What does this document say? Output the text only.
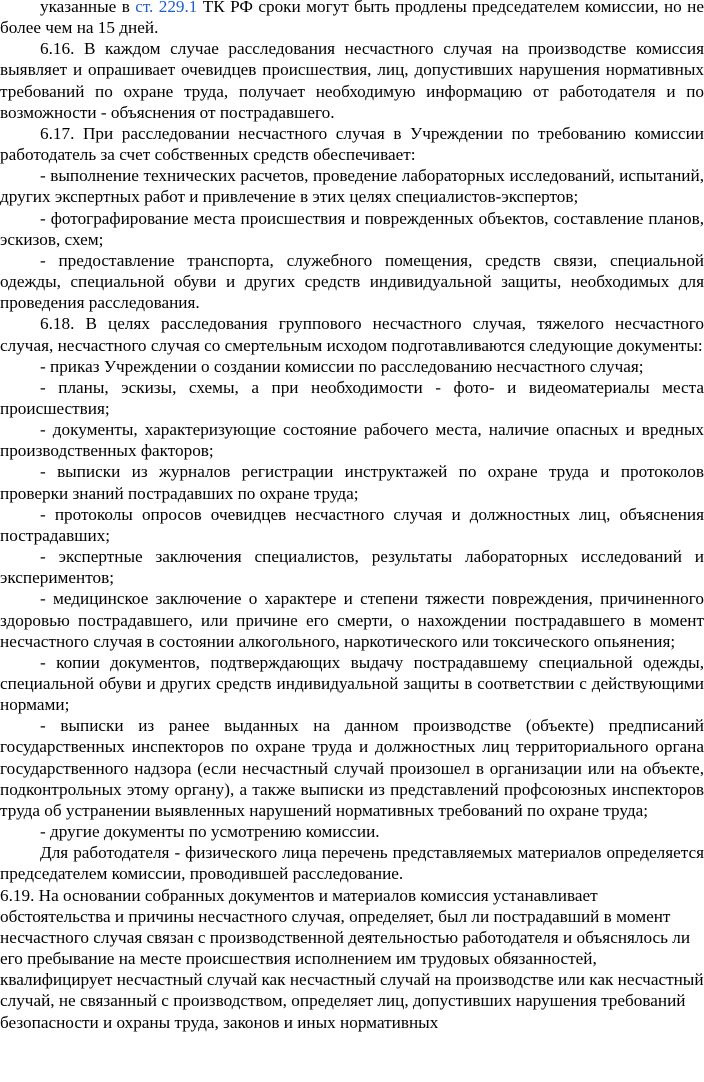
указанные в ст. 229.1 ТК РФ сроки могут быть продлены председателем комиссии, но не более чем на 15 дней.

6.16. В каждом случае расследования несчастного случая на производстве комиссия выявляет и опрашивает очевидцев происшествия, лиц, допустивших нарушения нормативных требований по охране труда, получает необходимую информацию от работодателя и по возможности - объяснения от пострадавшего.

6.17. При расследовании несчастного случая в Учреждении по требованию комиссии работодатель за счет собственных средств обеспечивает:

- выполнение технических расчетов, проведение лабораторных исследований, испытаний, других экспертных работ и привлечение в этих целях специалистов-экспертов;

- фотографирование места происшествия и поврежденных объектов, составление планов, эскизов, схем;

- предоставление транспорта, служебного помещения, средств связи, специальной одежды, специальной обуви и других средств индивидуальной защиты, необходимых для проведения расследования.

6.18. В целях расследования группового несчастного случая, тяжелого несчастного случая, несчастного случая со смертельным исходом подготавливаются следующие документы:

- приказ Учреждении о создании комиссии по расследованию несчастного случая;

- планы, эскизы, схемы, а при необходимости - фото- и видеоматериалы места происшествия;

- документы, характеризующие состояние рабочего места, наличие опасных и вредных производственных факторов;

- выписки из журналов регистрации инструктажей по охране труда и протоколов проверки знаний пострадавших по охране труда;

- протоколы опросов очевидцев несчастного случая и должностных лиц, объяснения пострадавших;

- экспертные заключения специалистов, результаты лабораторных исследований и экспериментов;

- медицинское заключение о характере и степени тяжести повреждения, причиненного здоровью пострадавшего, или причине его смерти, о нахождении пострадавшего в момент несчастного случая в состоянии алкогольного, наркотического или токсического опьянения;

- копии документов, подтверждающих выдачу пострадавшему специальной одежды, специальной обуви и других средств индивидуальной защиты в соответствии с действующими нормами;

- выписки из ранее выданных на данном производстве (объекте) предписаний государственных инспекторов по охране труда и должностных лиц территориального органа государственного надзора (если несчастный случай произошел в организации или на объекте, подконтрольных этому органу), а также выписки из представлений профсоюзных инспекторов труда об устранении выявленных нарушений нормативных требований по охране труда;

- другие документы по усмотрению комиссии.

Для работодателя - физического лица перечень представляемых материалов определяется председателем комиссии, проводившей расследование.

6.19. На основании собранных документов и материалов комиссия устанавливает обстоятельства и причины несчастного случая, определяет, был ли пострадавший в момент несчастного случая связан с производственной деятельностью работодателя и объяснялось ли его пребывание на месте происшествия исполнением им трудовых обязанностей, квалифицирует несчастный случай как несчастный случай на производстве или как несчастный случай, не связанный с производством, определяет лиц, допустивших нарушения требований безопасности и охраны труда, законов и иных нормативных
